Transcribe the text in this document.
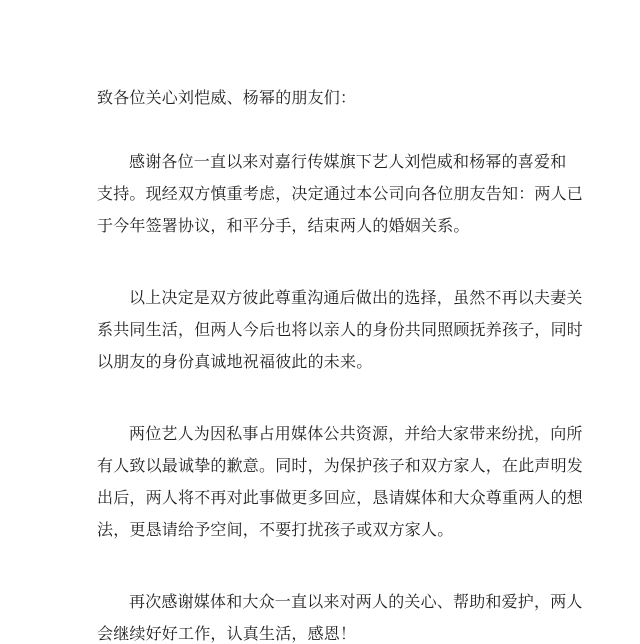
致各位关心刘恺威、杨幂的朋友们：
感谢各位一直以来对嘉行传媒旗下艺人刘恺威和杨幂的喜爱和
支持。现经双方慎重考虑，决定通过本公司向各位朋友告知：两人已
于今年签署协议，和平分手，结束两人的婚姻关系。
以上决定是双方彼此尊重沟通后做出的选择，虽然不再以夫妻关
系共同生活，但两人今后也将以亲人的身份共同照顾抚养孩子，同时
以朋友的身份真诚地祝福彼此的未来。
两位艺人为因私事占用媒体公共资源，并给大家带来纷扰，向所
有人致以最诚挚的歉意。同时，为保护孩子和双方家人，在此声明发
出后，两人将不再对此事做更多回应，恳请媒体和大众尊重两人的想
法，更恳请给予空间，不要打扰孩子或双方家人。
再次感谢媒体和大众一直以来对两人的关心、帮助和爱护，两人
会继续好好工作，认真生活，感恩！
